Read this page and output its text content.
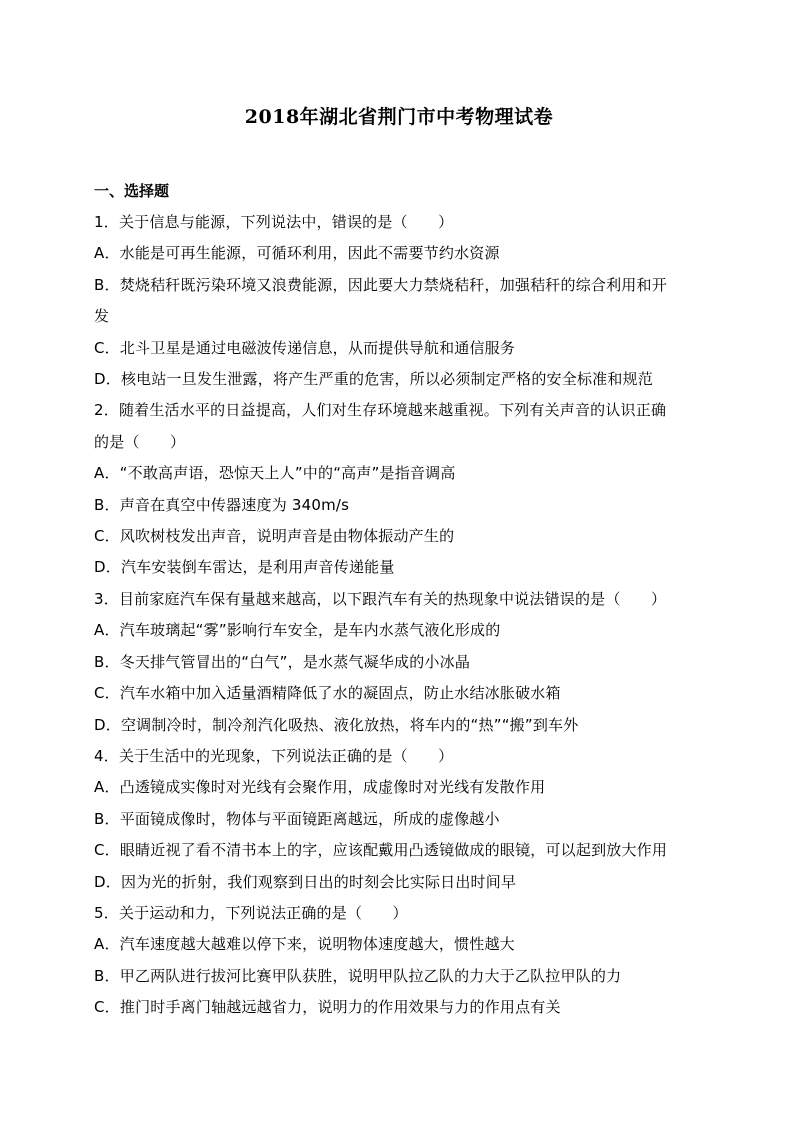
2018年湖北省荆门市中考物理试卷
一、选择题
1．关于信息与能源，下列说法中，错误的是（　　）
A．水能是可再生能源，可循环利用，因此不需要节约水资源
B．焚烧秸秆既污染环境又浪费能源，因此要大力禁烧秸秆，加强秸秆的综合利用和开
发
C．北斗卫星是通过电磁波传递信息，从而提供导航和通信服务
D．核电站一旦发生泄露，将产生严重的危害，所以必须制定严格的安全标准和规范
2．随着生活水平的日益提高，人们对生存环境越来越重视。下列有关声音的认识正确
的是（　　）
A．“不敢高声语，恐惊天上人”中的“高声”是指音调高
B．声音在真空中传器速度为 340m/s
C．风吹树枝发出声音，说明声音是由物体振动产生的
D．汽车安装倒车雷达，是利用声音传递能量
3．目前家庭汽车保有量越来越高，以下跟汽车有关的热现象中说法错误的是（　　）
A．汽车玻璃起“雾”影响行车安全，是车内水蒸气液化形成的
B．冬天排气管冒出的“白气”，是水蒸气凝华成的小冰晶
C．汽车水箱中加入适量酒精降低了水的凝固点，防止水结冰胀破水箱
D．空调制冷时，制冷剂汽化吸热、液化放热，将车内的“热”“搬”到车外
4．关于生活中的光现象，下列说法正确的是（　　）
A．凸透镜成实像时对光线有会聚作用，成虚像时对光线有发散作用
B．平面镜成像时，物体与平面镜距离越远，所成的虚像越小
C．眼睛近视了看不清书本上的字，应该配戴用凸透镜做成的眼镜，可以起到放大作用
D．因为光的折射，我们观察到日出的时刻会比实际日出时间早
5．关于运动和力，下列说法正确的是（　　）
A．汽车速度越大越难以停下来，说明物体速度越大，惯性越大
B．甲乙两队进行拔河比赛甲队获胜，说明甲队拉乙队的力大于乙队拉甲队的力
C．推门时手离门轴越远越省力，说明力的作用效果与力的作用点有关
